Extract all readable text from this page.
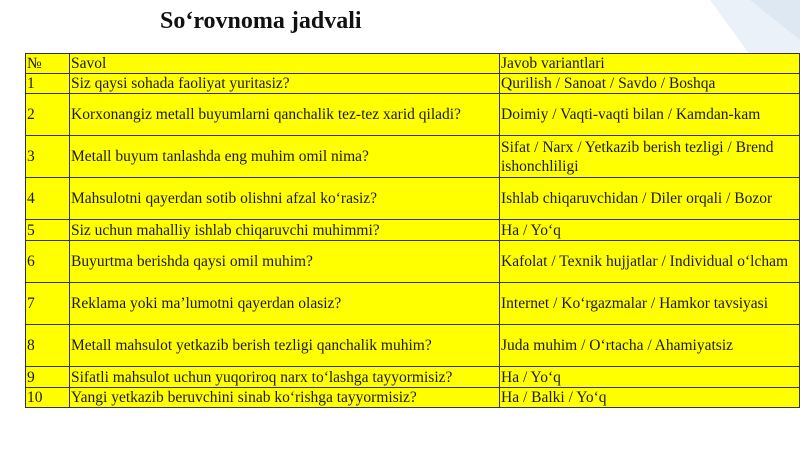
So‘rovnoma jadvali
№	Savol	Javob variantlari
1	Siz qaysi sohada faoliyat yuritasiz?	Qurilish / Sanoat / Savdo / Boshqa
2	Korxonangiz metall buyumlarni qanchalik tez-tez xarid qiladi?	Doimiy / Vaqti-vaqti bilan / Kamdan-kam
3	Metall buyum tanlashda eng muhim omil nima?	Sifat / Narx / Yetkazib berish tezligi / Brend ishonchliligi
4	Mahsulotni qayerdan sotib olishni afzal ko‘rasiz?	Ishlab chiqaruvchidan / Diler orqali / Bozor
5	Siz uchun mahalliy ishlab chiqaruvchi muhimmi?	Ha / Yo‘q
6	Buyurtma berishda qaysi omil muhim?	Kafolat / Texnik hujjatlar / Individual o‘lcham
7	Reklama yoki ma’lumotni qayerdan olasiz?	Internet / Ko‘rgazmalar / Hamkor tavsiyasi
8	Metall mahsulot yetkazib berish tezligi qanchalik muhim?	Juda muhim / O‘rtacha / Ahamiyatsiz
9	Sifatli mahsulot uchun yuqoriroq narx to‘lashga tayyormisiz?	Ha / Yo‘q
10	Yangi yetkazib beruvchini sinab ko‘rishga tayyormisiz?	Ha / Balki / Yo‘q
